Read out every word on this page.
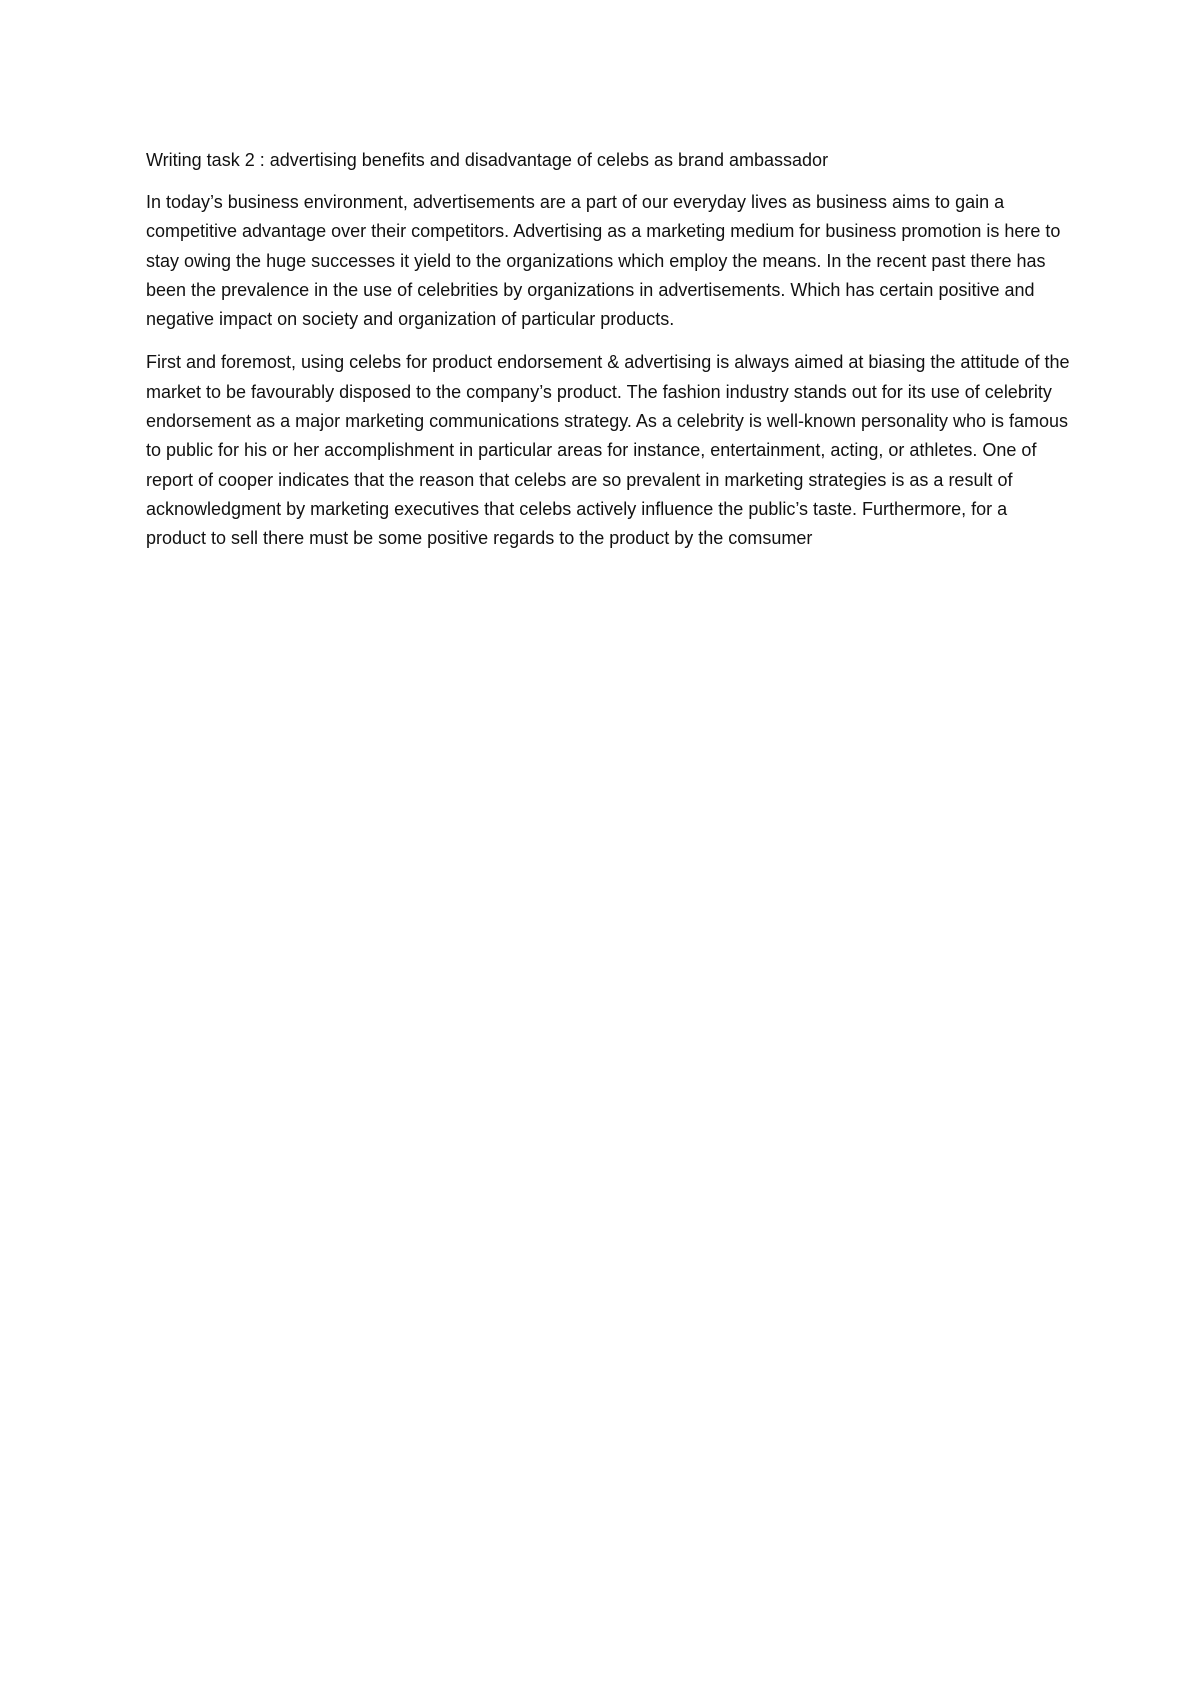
Writing task 2 : advertising benefits and disadvantage of celebs as brand ambassador

In today’s business environment, advertisements are a part of our everyday lives as business aims to gain a competitive advantage over their competitors. Advertising as a marketing medium for business promotion is here to stay owing the huge successes it yield to the organizations which employ the means. In the recent past there has been the prevalence in the use of celebrities by organizations in advertisements. Which has certain positive and negative impact on society and organization of particular products.

First and foremost, using celebs for product endorsement & advertising is always aimed at biasing the attitude of the market to be favourably disposed to the company’s product. The fashion industry stands out for its use of celebrity endorsement as a major marketing communications strategy. As a celebrity is well-known personality who is famous to public for his or her accomplishment in particular areas for instance, entertainment, acting, or athletes. One of report of cooper indicates that the reason that celebs are so prevalent in marketing strategies is as a result of acknowledgment by marketing executives that celebs actively influence the public’s taste. Furthermore, for a product to sell there must be some positive regards to the product by the comsumer
